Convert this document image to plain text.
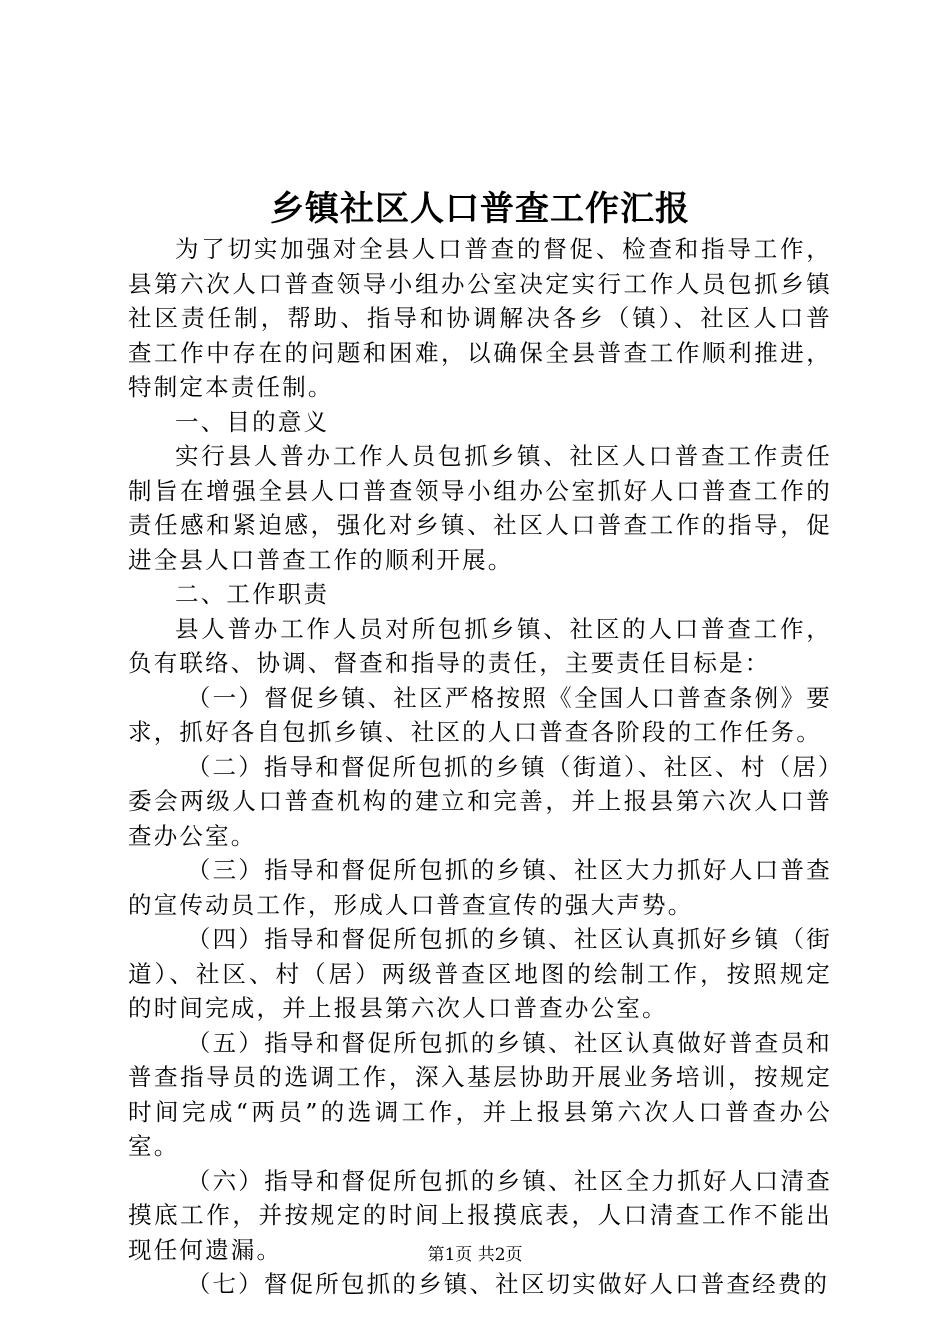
乡镇社区人口普查工作汇报

为了切实加强对全县人口普查的督促、检查和指导工作，县第六次人口普查领导小组办公室决定实行工作人员包抓乡镇社区责任制，帮助、指导和协调解决各乡（镇）、社区人口普查工作中存在的问题和困难，以确保全县普查工作顺利推进，特制定本责任制。

一、目的意义

实行县人普办工作人员包抓乡镇、社区人口普查工作责任制旨在增强全县人口普查领导小组办公室抓好人口普查工作的责任感和紧迫感，强化对乡镇、社区人口普查工作的指导，促进全县人口普查工作的顺利开展。

二、工作职责

县人普办工作人员对所包抓乡镇、社区的人口普查工作，负有联络、协调、督查和指导的责任，主要责任目标是：

（一）督促乡镇、社区严格按照《全国人口普查条例》要求，抓好各自包抓乡镇、社区的人口普查各阶段的工作任务。

（二）指导和督促所包抓的乡镇（街道）、社区、村（居）委会两级人口普查机构的建立和完善，并上报县第六次人口普查办公室。

（三）指导和督促所包抓的乡镇、社区大力抓好人口普查的宣传动员工作，形成人口普查宣传的强大声势。

（四）指导和督促所包抓的乡镇、社区认真抓好乡镇（街道）、社区、村（居）两级普查区地图的绘制工作，按照规定的时间完成，并上报县第六次人口普查办公室。

（五）指导和督促所包抓的乡镇、社区认真做好普查员和普查指导员的选调工作，深入基层协助开展业务培训，按规定时间完成“两员”的选调工作，并上报县第六次人口普查办公室。

（六）指导和督促所包抓的乡镇、社区全力抓好人口清查摸底工作，并按规定的时间上报摸底表，人口清查工作不能出现任何遗漏。

（七）督促所包抓的乡镇、社区切实做好人口普查经费的

第1页 共2页
